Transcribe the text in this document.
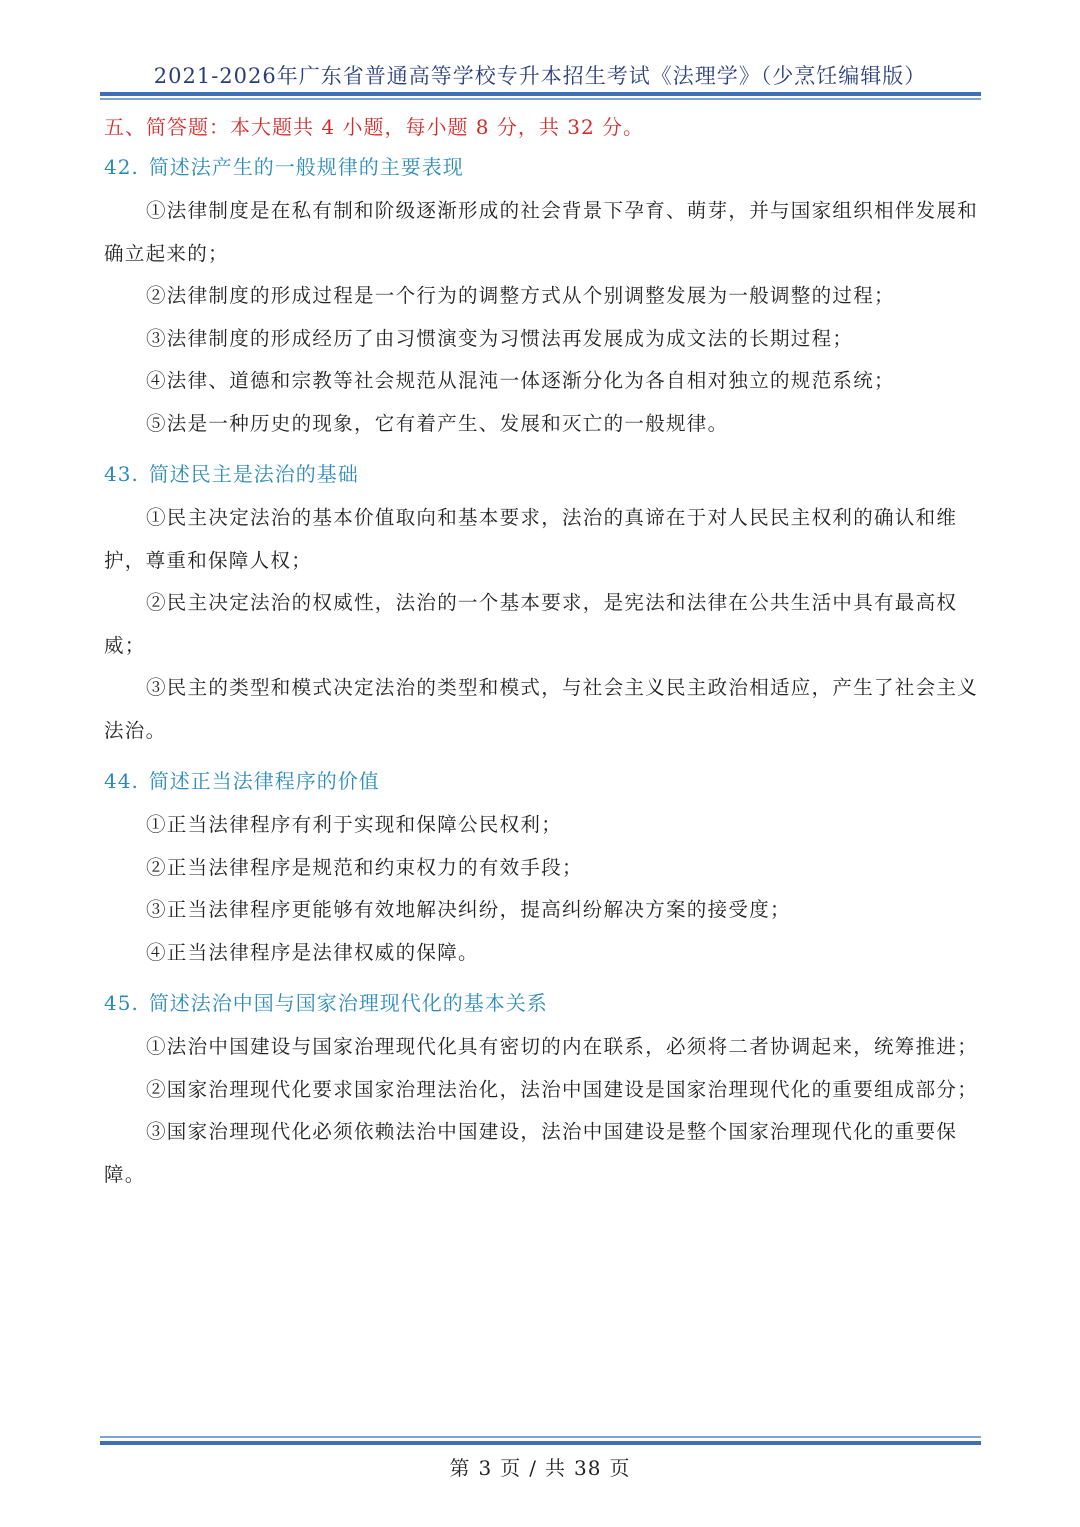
2021-2026年广东省普通高等学校专升本招生考试《法理学》（少烹饪编辑版）

五、简答题：本大题共 4 小题，每小题 8 分，共 32 分。

42. 简述法产生的一般规律的主要表现

①法律制度是在私有制和阶级逐渐形成的社会背景下孕育、萌芽，并与国家组织相伴发展和确立起来的；

②法律制度的形成过程是一个行为的调整方式从个别调整发展为一般调整的过程；

③法律制度的形成经历了由习惯演变为习惯法再发展成为成文法的长期过程；

④法律、道德和宗教等社会规范从混沌一体逐渐分化为各自相对独立的规范系统；

⑤法是一种历史的现象，它有着产生、发展和灭亡的一般规律。

43. 简述民主是法治的基础

①民主决定法治的基本价值取向和基本要求，法治的真谛在于对人民民主权利的确认和维护，尊重和保障人权；

②民主决定法治的权威性，法治的一个基本要求，是宪法和法律在公共生活中具有最高权威；

③民主的类型和模式决定法治的类型和模式，与社会主义民主政治相适应，产生了社会主义法治。

44. 简述正当法律程序的价值

①正当法律程序有利于实现和保障公民权利；

②正当法律程序是规范和约束权力的有效手段；

③正当法律程序更能够有效地解决纠纷，提高纠纷解决方案的接受度；

④正当法律程序是法律权威的保障。

45. 简述法治中国与国家治理现代化的基本关系

①法治中国建设与国家治理现代化具有密切的内在联系，必须将二者协调起来，统筹推进；

②国家治理现代化要求国家治理法治化，法治中国建设是国家治理现代化的重要组成部分；

③国家治理现代化必须依赖法治中国建设，法治中国建设是整个国家治理现代化的重要保障。

第 3 页 / 共 38 页
